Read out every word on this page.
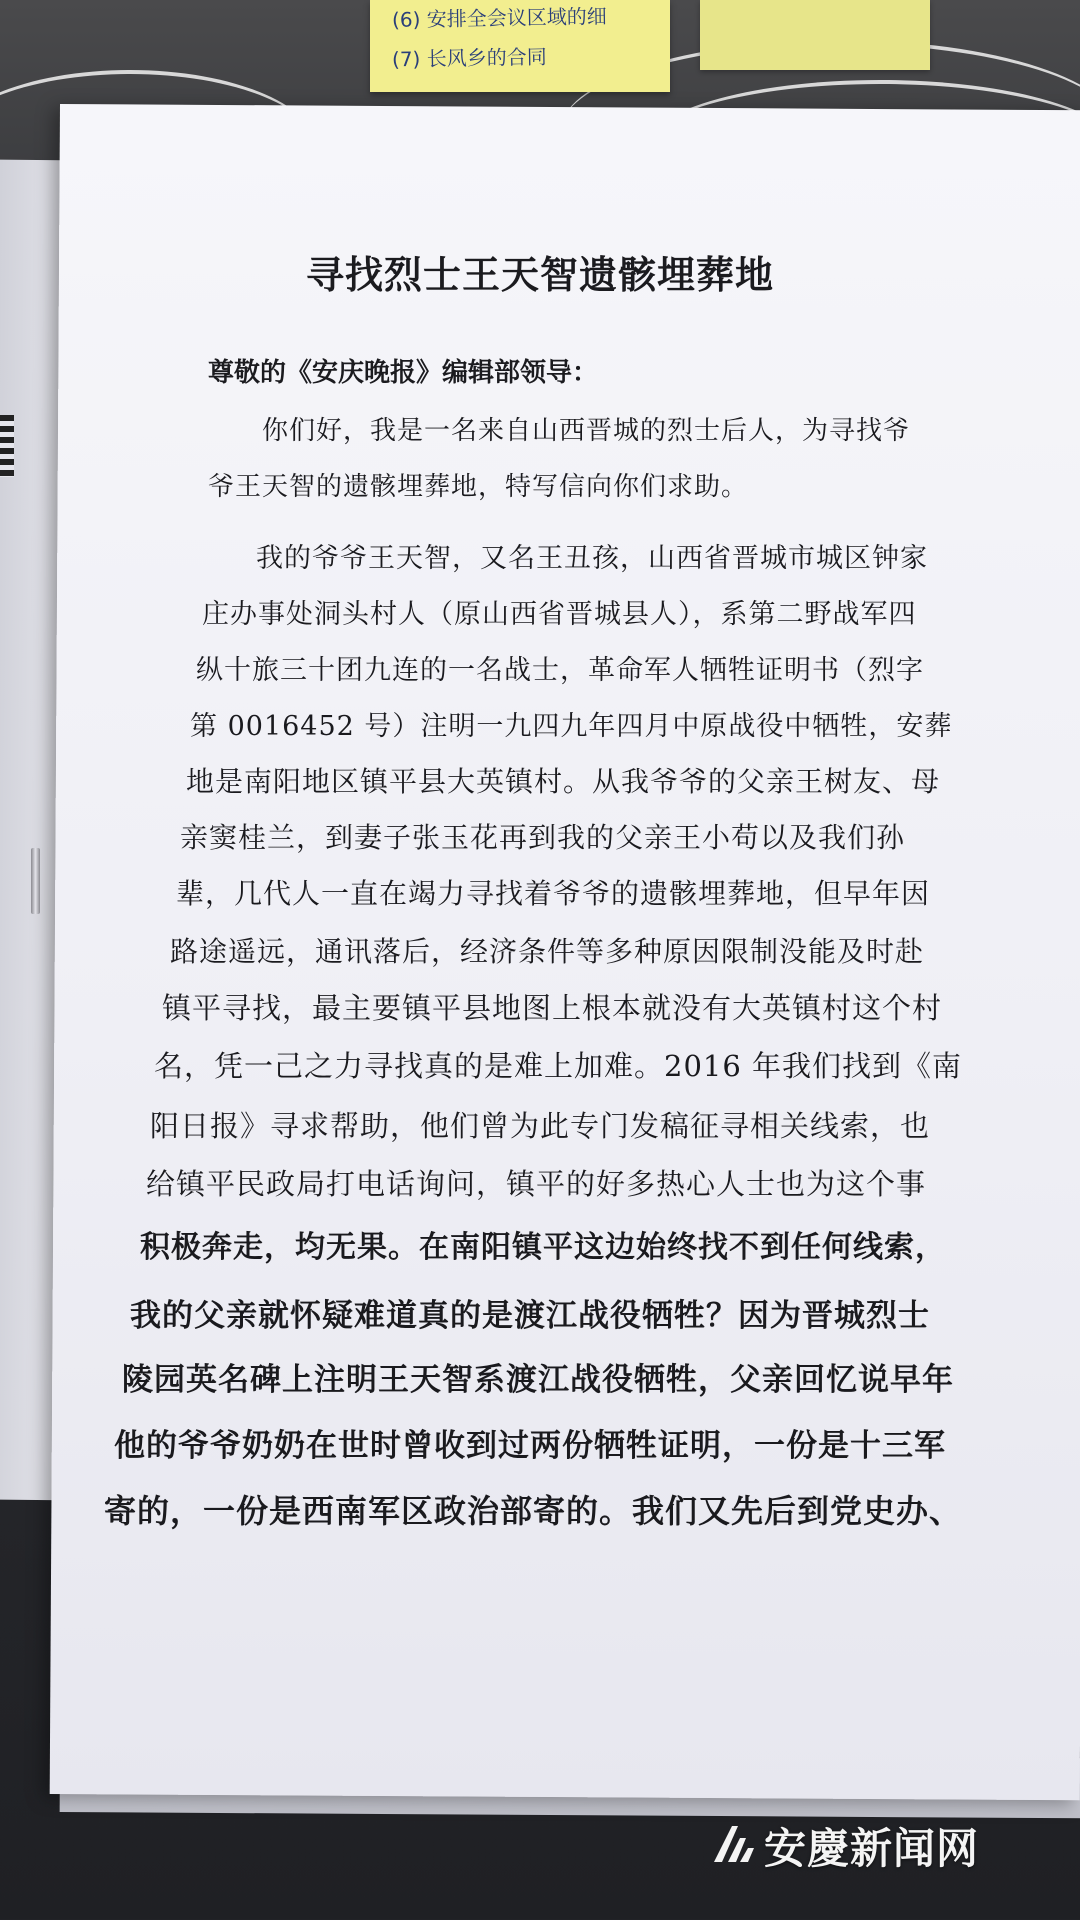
(6) 安排全会议区域的细
(7) 长风乡的合同
寻找烈士王天智遗骸埋葬地
尊敬的《安庆晚报》编辑部领导：
你们好，我是一名来自山西晋城的烈士后人，为寻找爷
爷王天智的遗骸埋葬地，特写信向你们求助。
我的爷爷王天智，又名王丑孩，山西省晋城市城区钟家
庄办事处洞头村人（原山西省晋城县人），系第二野战军四
纵十旅三十团九连的一名战士，革命军人牺牲证明书（烈字
第 0016452 号）注明一九四九年四月中原战役中牺牲，安葬
地是南阳地区镇平县大英镇村。从我爷爷的父亲王树友、母
亲窦桂兰，到妻子张玉花再到我的父亲王小苟以及我们孙
辈，几代人一直在竭力寻找着爷爷的遗骸埋葬地，但早年因
路途遥远，通讯落后，经济条件等多种原因限制没能及时赴
镇平寻找，最主要镇平县地图上根本就没有大英镇村这个村
名，凭一己之力寻找真的是难上加难。2016 年我们找到《南
阳日报》寻求帮助，他们曾为此专门发稿征寻相关线索，也
给镇平民政局打电话询问，镇平的好多热心人士也为这个事
积极奔走，均无果。在南阳镇平这边始终找不到任何线索，
我的父亲就怀疑难道真的是渡江战役牺牲？因为晋城烈士
陵园英名碑上注明王天智系渡江战役牺牲，父亲回忆说早年
他的爷爷奶奶在世时曾收到过两份牺牲证明，一份是十三军
寄的，一份是西南军区政治部寄的。我们又先后到党史办、
安慶新闻网
